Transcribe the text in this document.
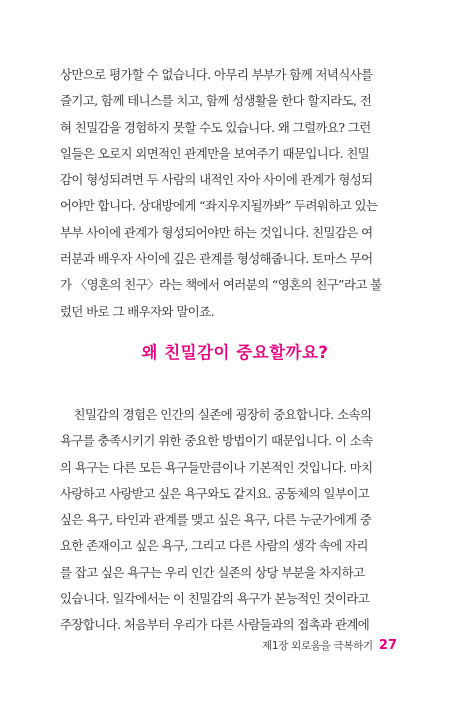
상만으로 평가할 수 없습니다. 아무리 부부가 함께 저녁식사를
즐기고, 함께 테니스를 치고, 함께 성생활을 한다 할지라도, 전
혀 친밀감을 경험하지 못할 수도 있습니다. 왜 그럴까요? 그런
일들은 오로지 외면적인 관계만을 보여주기 때문입니다. 친밀
감이 형성되려면 두 사람의 내적인 자아 사이에 관계가 형성되
어야만 합니다. 상대방에게 “좌지우지될까봐” 두려워하고 있는
부부 사이에 관계가 형성되어야만 하는 것입니다. 친밀감은 여
러분과 배우자 사이에 깊은 관계를 형성해줍니다. 토마스 무어
가 〈영혼의 친구〉라는 책에서 여러분의 “영혼의 친구”라고 불
렀던 바로 그 배우자와 말이죠.
왜 친밀감이 중요할까요?
친밀감의 경험은 인간의 실존에 굉장히 중요합니다. 소속의
욕구를 충족시키기 위한 중요한 방법이기 때문입니다. 이 소속
의 욕구는 다른 모든 욕구들만큼이나 기본적인 것입니다. 마치
사랑하고 사랑받고 싶은 욕구와도 같지요. 공동체의 일부이고
싶은 욕구, 타인과 관계를 맺고 싶은 욕구, 다른 누군가에게 중
요한 존재이고 싶은 욕구, 그리고 다른 사람의 생각 속에 자리
를 잡고 싶은 욕구는 우리 인간 실존의 상당 부분을 차지하고
있습니다. 일각에서는 이 친밀감의 욕구가 본능적인 것이라고
주장합니다. 처음부터 우리가 다른 사람들과의 접촉과 관계에
제1장 외로움을 극복하기 27
